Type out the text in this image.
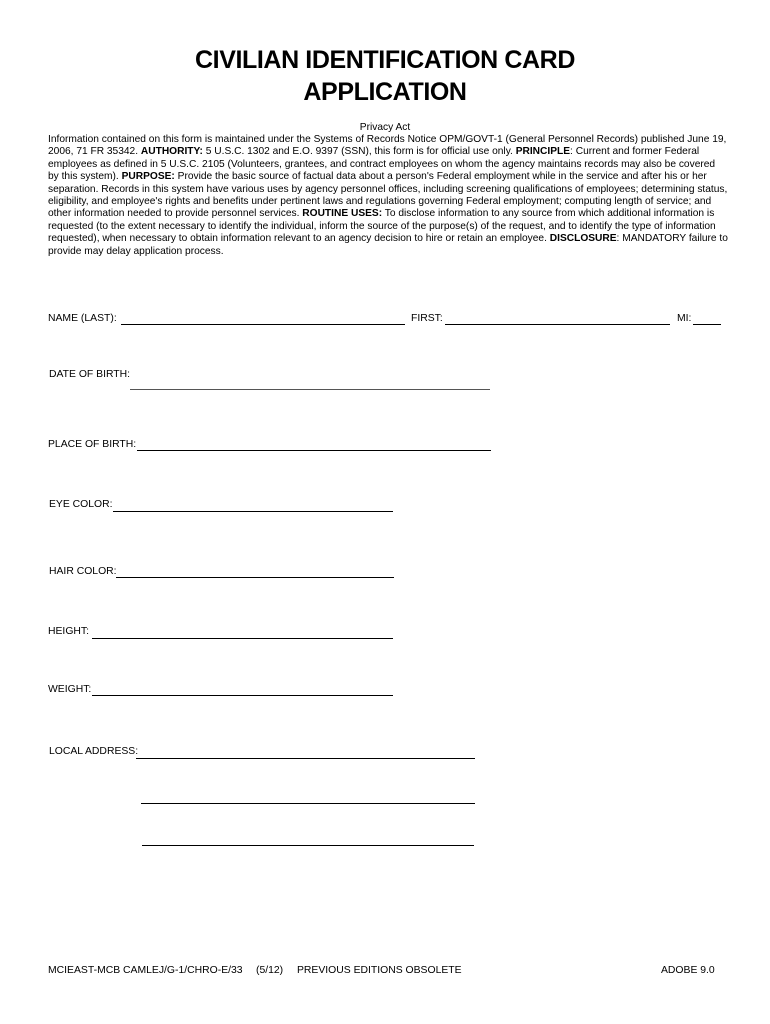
CIVILIAN IDENTIFICATION CARD
APPLICATION
Privacy Act

Information contained on this form is maintained under the Systems of Records Notice OPM/GOVT-1 (General Personnel Records) published June 19, 2006, 71 FR 35342. AUTHORITY: 5 U.S.C. 1302 and E.O. 9397 (SSN), this form is for official use only. PRINCIPLE: Current and former Federal employees as defined in 5 U.S.C. 2105 (Volunteers, grantees, and contract employees on whom the agency maintains records may also be covered by this system). PURPOSE: Provide the basic source of factual data about a person's Federal employment while in the service and after his or her separation. Records in this system have various uses by agency personnel offices, including screening qualifications of employees; determining status, eligibility, and employee's rights and benefits under pertinent laws and regulations governing Federal employment; computing length of service; and other information needed to provide personnel services. ROUTINE USES: To disclose information to any source from which additional information is requested (to the extent necessary to identify the individual, inform the source of the purpose(s) of the request, and to identify the type of information requested), when necessary to obtain information relevant to an agency decision to hire or retain an employee. DISCLOSURE: MANDATORY failure to provide may delay application process.

NAME (LAST):	FIRST:	MI:
DATE OF BIRTH:
PLACE OF BIRTH:
EYE COLOR:
HAIR COLOR:
HEIGHT:
WEIGHT:
LOCAL ADDRESS:
MCIEAST-MCB CAMLEJ/G-1/CHRO-E/33 (5/12) PREVIOUS EDITIONS OBSOLETE	ADOBE 9.0
